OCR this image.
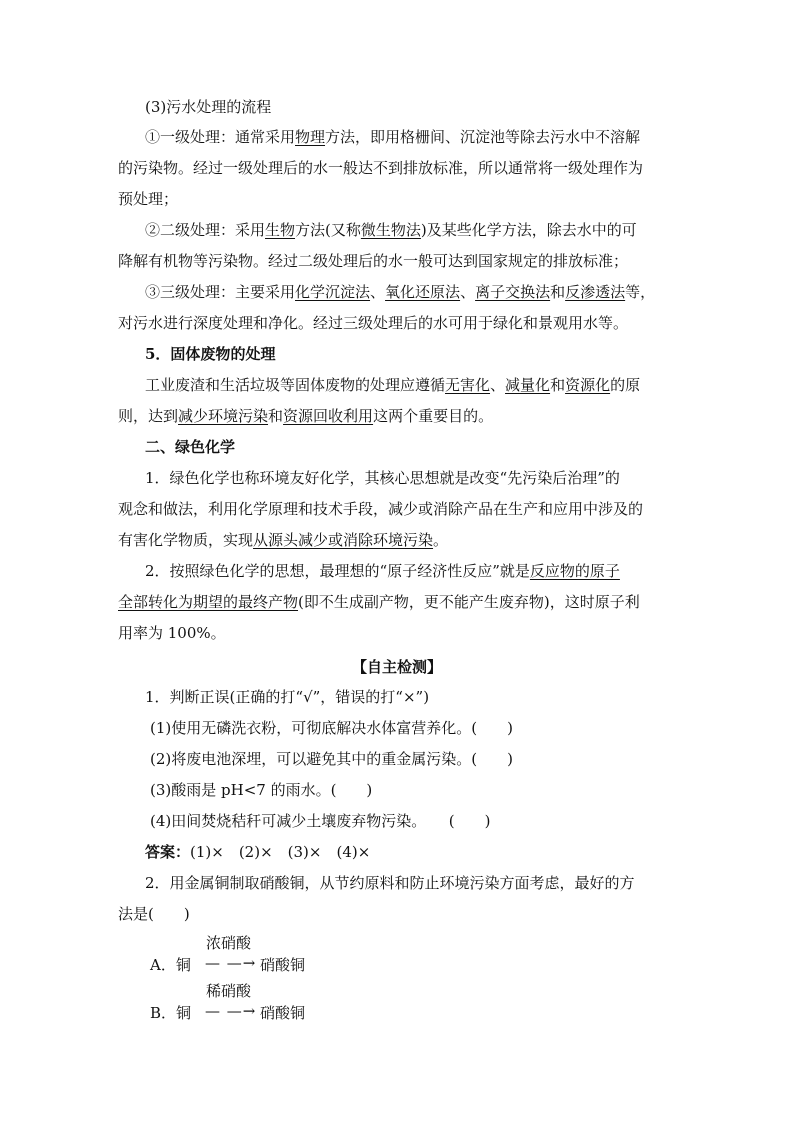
(3)污水处理的流程
①一级处理：通常采用物理方法，即用格栅间、沉淀池等除去污水中不溶解
的污染物。经过一级处理后的水一般达不到排放标准，所以通常将一级处理作为
预处理；
②二级处理：采用生物方法(又称微生物法)及某些化学方法，除去水中的可
降解有机物等污染物。经过二级处理后的水一般可达到国家规定的排放标准；
③三级处理：主要采用化学沉淀法、氧化还原法、离子交换法和反渗透法等，
对污水进行深度处理和净化。经过三级处理后的水可用于绿化和景观用水等。
5．固体废物的处理
工业废渣和生活垃圾等固体废物的处理应遵循无害化、减量化和资源化的原
则，达到减少环境污染和资源回收利用这两个重要目的。
二、绿色化学
1．绿色化学也称环境友好化学，其核心思想就是改变“先污染后治理”的
观念和做法，利用化学原理和技术手段，减少或消除产品在生产和应用中涉及的
有害化学物质，实现从源头减少或消除环境污染。
2．按照绿色化学的思想，最理想的“原子经济性反应”就是反应物的原子
全部转化为期望的最终产物(即不生成副产物，更不能产生废弃物)，这时原子利
用率为 100%。
【自主检测】
1．判断正误(正确的打“√”，错误的打“×”)
(1)使用无磷洗衣粉，可彻底解决水体富营养化。(　　)
(2)将废电池深埋，可以避免其中的重金属污染。(　　)
(3)酸雨是 pH<7 的雨水。(　　)
(4)田间焚烧秸秆可减少土壤废弃物污染。　　(　　)
答案：(1)×　(2)×　(3)×　(4)×
2．用金属铜制取硝酸铜，从节约原料和防止环境污染方面考虑，最好的方
法是(　　)
A．铜
浓硝酸
— —→ 硝酸铜
B．铜
稀硝酸
— —→ 硝酸铜
